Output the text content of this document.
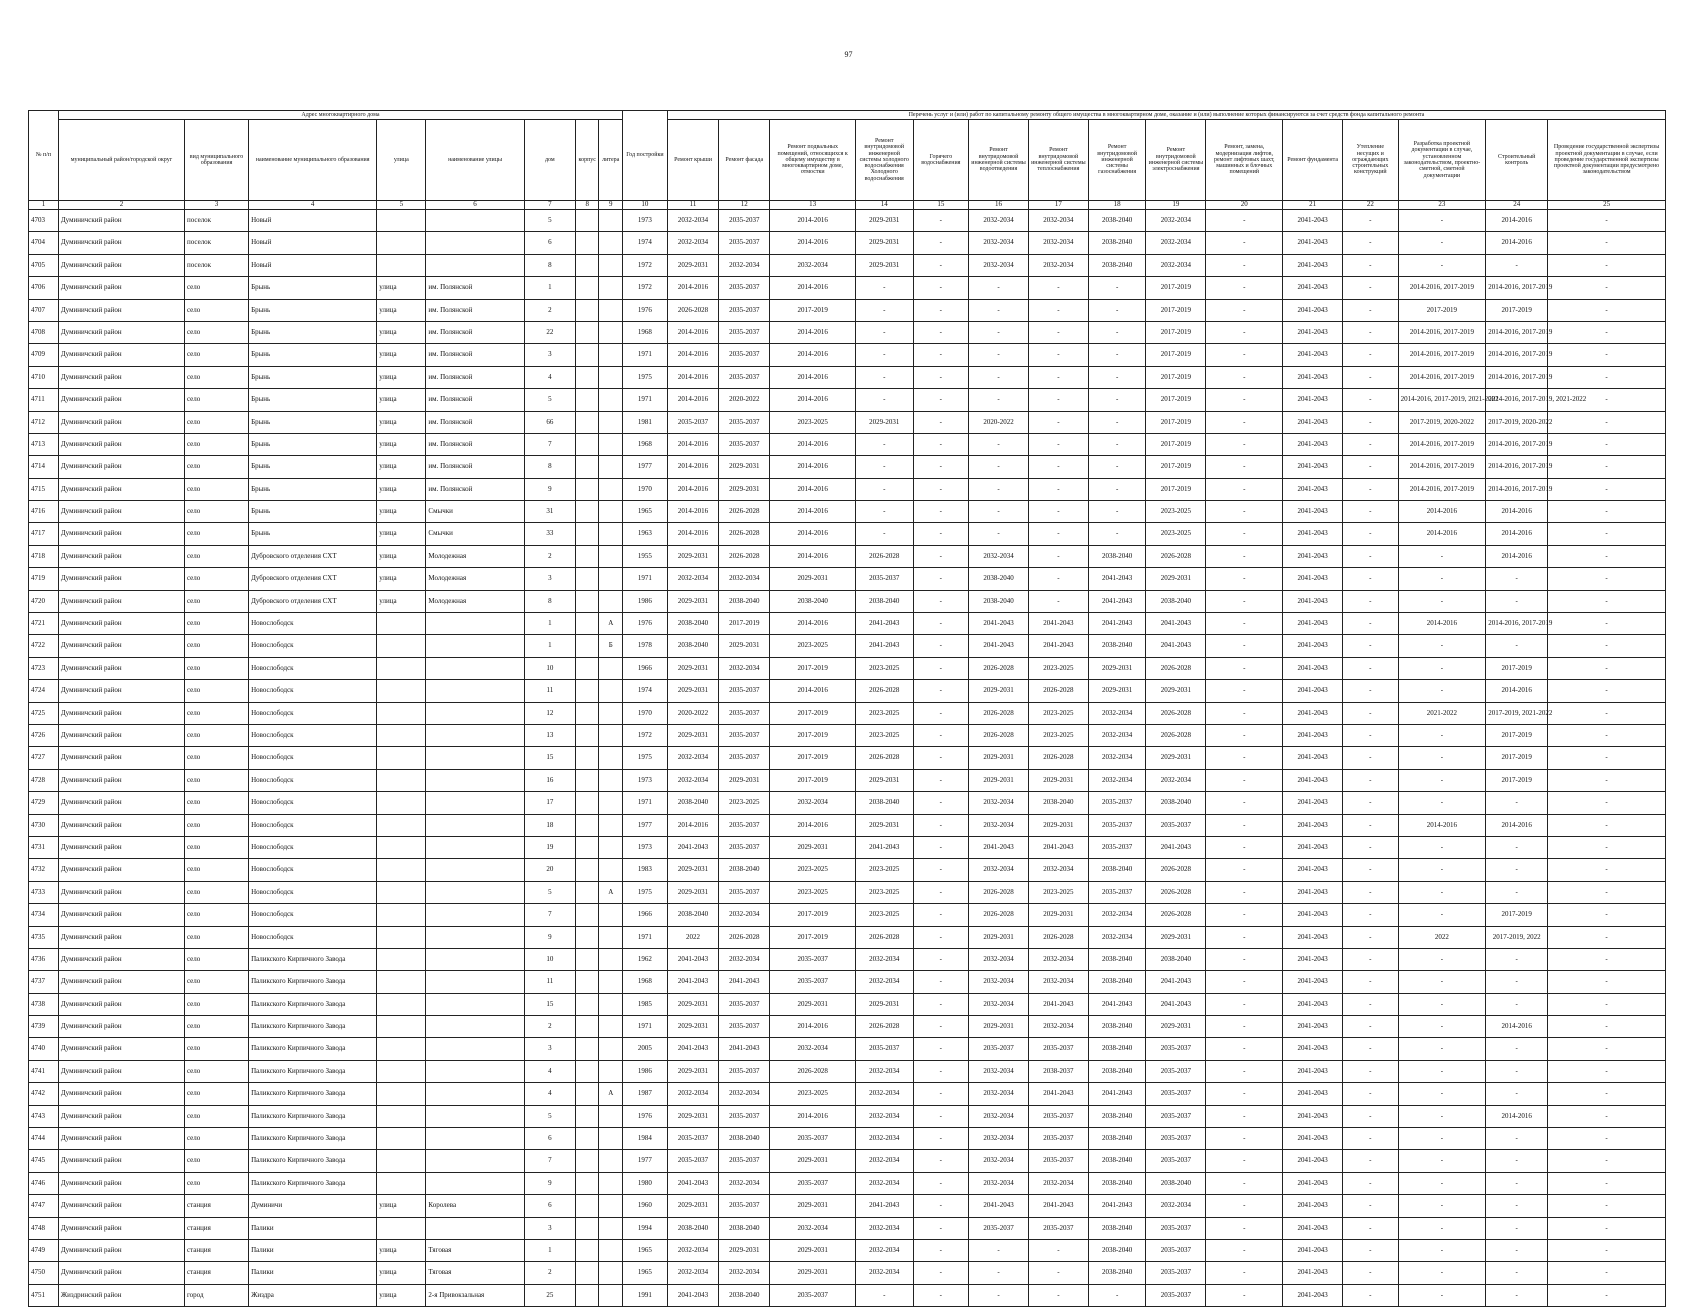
97
№ п/п	Адрес многоквартирного дома								Год постройки	Перечень услуг и (или) работ по капитальному ремонту общего имущества в многоквартирном доме, оказание и (или) выполнение которых финансируются за счет средств фонда капитального ремонта														
	муниципальный район/городской округ	вид муниципального образования	наименование муниципального образования	улица	наименование улицы	дом	корпус	литера		Ремонт крыши	Ремонт фасада	Ремонт подвальных помещений, относящихся к общему имуществу в многоквартирном доме, отмостки	Ремонт внутридомовой инженерной системы холодного водоснабжения
Холодного водоснабжения	Горячего водоснабжения	Ремонт внутридомовой инженерной системы водоотведения	Ремонт внутридомовой инженерной системы теплоснабжения	Ремонт внутридомовой инженерной системы газоснабжения	Ремонт внутридомовой инженерной системы электроснабжения	Ремонт, замена, модернизация лифтов, ремонт лифтовых шахт, машинных и блочных помещений	Ремонт фундамента	Утепление несущих и ограждающих строительных конструкций	Разработка проектной документации в случае, установленном законодательством, проектно-сметной, сметной документации	Строительный контроль	Проведение государственной экспертизы проектной документации в случае, если проведение государственной экспертизы проектной документации предусмотрено законодательством
1	2	3	4	5	6	7	8	9	10	11	12	13	14	15	16	17	18	19	20	21	22	23	24	25
4703	Думиничский район	поселок	Новый			5			1973	2032-2034	2035-2037	2014-2016	2029-2031	-	2032-2034	2032-2034	2038-2040	2032-2034	-	2041-2043	-	-	2014-2016	-
4704	Думиничский район	поселок	Новый			6			1974	2032-2034	2035-2037	2014-2016	2029-2031	-	2032-2034	2032-2034	2038-2040	2032-2034	-	2041-2043	-	-	2014-2016	-
4705	Думиничский район	поселок	Новый			8			1972	2029-2031	2032-2034	2032-2034	2029-2031	-	2032-2034	2032-2034	2038-2040	2032-2034	-	2041-2043	-	-	-	-
4706	Думиничский район	село	Брынь	улица	им. Полянской	1			1972	2014-2016	2035-2037	2014-2016	-	-	-	-	-	2017-2019	-	2041-2043	-	2014-2016, 2017-2019	2014-2016, 2017-2019	-
4707	Думиничский район	село	Брынь	улица	им. Полянской	2			1976	2026-2028	2035-2037	2017-2019	-	-	-	-	-	2017-2019	-	2041-2043	-	2017-2019	2017-2019	-
4708	Думиничский район	село	Брынь	улица	им. Полянской	22			1968	2014-2016	2035-2037	2014-2016	-	-	-	-	-	2017-2019	-	2041-2043	-	2014-2016, 2017-2019	2014-2016, 2017-2019	-
4709	Думиничский район	село	Брынь	улица	им. Полянской	3			1971	2014-2016	2035-2037	2014-2016	-	-	-	-	-	2017-2019	-	2041-2043	-	2014-2016, 2017-2019	2014-2016, 2017-2019	-
4710	Думиничский район	село	Брынь	улица	им. Полянской	4			1975	2014-2016	2035-2037	2014-2016	-	-	-	-	-	2017-2019	-	2041-2043	-	2014-2016, 2017-2019	2014-2016, 2017-2019	-
4711	Думиничский район	село	Брынь	улица	им. Полянской	5			1971	2014-2016	2020-2022	2014-2016	-	-	-	-	-	2017-2019	-	2041-2043	-	2014-2016, 2017-2019, 2021-2022	2014-2016, 2017-2019, 2021-2022	-
4712	Думиничский район	село	Брынь	улица	им. Полянской	66			1981	2035-2037	2035-2037	2023-2025	2029-2031	-	2020-2022	-	-	2017-2019	-	2041-2043	-	2017-2019, 2020-2022	2017-2019, 2020-2022	-
4713	Думиничский район	село	Брынь	улица	им. Полянской	7			1968	2014-2016	2035-2037	2014-2016	-	-	-	-	-	2017-2019	-	2041-2043	-	2014-2016, 2017-2019	2014-2016, 2017-2019	-
4714	Думиничский район	село	Брынь	улица	им. Полянской	8			1977	2014-2016	2029-2031	2014-2016	-	-	-	-	-	2017-2019	-	2041-2043	-	2014-2016, 2017-2019	2014-2016, 2017-2019	-
4715	Думиничский район	село	Брынь	улица	им. Полянской	9			1970	2014-2016	2029-2031	2014-2016	-	-	-	-	-	2017-2019	-	2041-2043	-	2014-2016, 2017-2019	2014-2016, 2017-2019	-
4716	Думиничский район	село	Брынь	улица	Смычки	31			1965	2014-2016	2026-2028	2014-2016	-	-	-	-	-	2023-2025	-	2041-2043	-	2014-2016	2014-2016	-
4717	Думиничский район	село	Брынь	улица	Смычки	33			1963	2014-2016	2026-2028	2014-2016	-	-	-	-	-	2023-2025	-	2041-2043	-	2014-2016	2014-2016	-
4718	Думиничский район	село	Дубровского отделения СХТ	улица	Молодежная	2			1955	2029-2031	2026-2028	2014-2016	2026-2028	-	2032-2034	-	2038-2040	2026-2028	-	2041-2043	-	-	2014-2016	-
4719	Думиничский район	село	Дубровского отделения СХТ	улица	Молодежная	3			1971	2032-2034	2032-2034	2029-2031	2035-2037	-	2038-2040	-	2041-2043	2029-2031	-	2041-2043	-	-	-	-
4720	Думиничский район	село	Дубровского отделения СХТ	улица	Молодежная	8			1986	2029-2031	2038-2040	2038-2040	2038-2040	-	2038-2040	-	2041-2043	2038-2040	-	2041-2043	-	-	-	-
4721	Думиничский район	село	Новослободск			1		А	1976	2038-2040	2017-2019	2014-2016	2041-2043	-	2041-2043	2041-2043	2041-2043	2041-2043	-	2041-2043	-	2014-2016	2014-2016, 2017-2019	-
4722	Думиничский район	село	Новослободск			1		Б	1978	2038-2040	2029-2031	2023-2025	2041-2043	-	2041-2043	2041-2043	2038-2040	2041-2043	-	2041-2043	-	-	-	-
4723	Думиничский район	село	Новослободск			10			1966	2029-2031	2032-2034	2017-2019	2023-2025	-	2026-2028	2023-2025	2029-2031	2026-2028	-	2041-2043	-	-	2017-2019	-
4724	Думиничский район	село	Новослободск			11			1974	2029-2031	2035-2037	2014-2016	2026-2028	-	2029-2031	2026-2028	2029-2031	2029-2031	-	2041-2043	-	-	2014-2016	-
4725	Думиничский район	село	Новослободск			12			1970	2020-2022	2035-2037	2017-2019	2023-2025	-	2026-2028	2023-2025	2032-2034	2026-2028	-	2041-2043	-	2021-2022	2017-2019, 2021-2022	-
4726	Думиничский район	село	Новослободск			13			1972	2029-2031	2035-2037	2017-2019	2023-2025	-	2026-2028	2023-2025	2032-2034	2026-2028	-	2041-2043	-	-	2017-2019	-
4727	Думиничский район	село	Новослободск			15			1975	2032-2034	2035-2037	2017-2019	2026-2028	-	2029-2031	2026-2028	2032-2034	2029-2031	-	2041-2043	-	-	2017-2019	-
4728	Думиничский район	село	Новослободск			16			1973	2032-2034	2029-2031	2017-2019	2029-2031	-	2029-2031	2029-2031	2032-2034	2032-2034	-	2041-2043	-	-	2017-2019	-
4729	Думиничский район	село	Новослободск			17			1971	2038-2040	2023-2025	2032-2034	2038-2040	-	2032-2034	2038-2040	2035-2037	2038-2040	-	2041-2043	-	-	-	-
4730	Думиничский район	село	Новослободск			18			1977	2014-2016	2035-2037	2014-2016	2029-2031	-	2032-2034	2029-2031	2035-2037	2035-2037	-	2041-2043	-	2014-2016	2014-2016	-
4731	Думиничский район	село	Новослободск			19			1973	2041-2043	2035-2037	2029-2031	2041-2043	-	2041-2043	2041-2043	2035-2037	2041-2043	-	2041-2043	-	-	-	-
4732	Думиничский район	село	Новослободск			20			1983	2029-2031	2038-2040	2023-2025	2023-2025	-	2032-2034	2032-2034	2038-2040	2026-2028	-	2041-2043	-	-	-	-
4733	Думиничский район	село	Новослободск			5		А	1975	2029-2031	2035-2037	2023-2025	2023-2025	-	2026-2028	2023-2025	2035-2037	2026-2028	-	2041-2043	-	-	-	-
4734	Думиничский район	село	Новослободск			7			1966	2038-2040	2032-2034	2017-2019	2023-2025	-	2026-2028	2029-2031	2032-2034	2026-2028	-	2041-2043	-	-	2017-2019	-
4735	Думиничский район	село	Новослободск			9			1971	2022	2026-2028	2017-2019	2026-2028	-	2029-2031	2026-2028	2032-2034	2029-2031	-	2041-2043	-	2022	2017-2019, 2022	-
4736	Думиничский район	село	Паликского Кирпичного Завода			10			1962	2041-2043	2032-2034	2035-2037	2032-2034	-	2032-2034	2032-2034	2038-2040	2038-2040	-	2041-2043	-	-	-	-
4737	Думиничский район	село	Паликского Кирпичного Завода			11			1968	2041-2043	2041-2043	2035-2037	2032-2034	-	2032-2034	2032-2034	2038-2040	2041-2043	-	2041-2043	-	-	-	-
4738	Думиничский район	село	Паликского Кирпичного Завода			15			1985	2029-2031	2035-2037	2029-2031	2029-2031	-	2032-2034	2041-2043	2041-2043	2041-2043	-	2041-2043	-	-	-	-
4739	Думиничский район	село	Паликского Кирпичного Завода			2			1971	2029-2031	2035-2037	2014-2016	2026-2028	-	2029-2031	2032-2034	2038-2040	2029-2031	-	2041-2043	-	-	2014-2016	-
4740	Думиничский район	село	Паликского Кирпичного Завода			3			2005	2041-2043	2041-2043	2032-2034	2035-2037	-	2035-2037	2035-2037	2038-2040	2035-2037	-	2041-2043	-	-	-	-
4741	Думиничский район	село	Паликского Кирпичного Завода			4			1986	2029-2031	2035-2037	2026-2028	2032-2034	-	2032-2034	2038-2037	2038-2040	2035-2037	-	2041-2043	-	-	-	-
4742	Думиничский район	село	Паликского Кирпичного Завода			4		А	1987	2032-2034	2032-2034	2023-2025	2032-2034	-	2032-2034	2041-2043	2041-2043	2035-2037	-	2041-2043	-	-	-	-
4743	Думиничский район	село	Паликского Кирпичного Завода			5			1976	2029-2031	2035-2037	2014-2016	2032-2034	-	2032-2034	2035-2037	2038-2040	2035-2037	-	2041-2043	-	-	2014-2016	-
4744	Думиничский район	село	Паликского Кирпичного Завода			6			1984	2035-2037	2038-2040	2035-2037	2032-2034	-	2032-2034	2035-2037	2038-2040	2035-2037	-	2041-2043	-	-	-	-
4745	Думиничский район	село	Паликского Кирпичного Завода			7			1977	2035-2037	2035-2037	2029-2031	2032-2034	-	2032-2034	2035-2037	2038-2040	2035-2037	-	2041-2043	-	-	-	-
4746	Думиничский район	село	Паликского Кирпичного Завода			9			1980	2041-2043	2032-2034	2035-2037	2032-2034	-	2032-2034	2032-2034	2038-2040	2038-2040	-	2041-2043	-	-	-	-
4747	Думиничский район	станция	Думиничи	улица	Королева	6			1960	2029-2031	2035-2037	2029-2031	2041-2043	-	2041-2043	2041-2043	2041-2043	2032-2034	-	2041-2043	-	-	-	-
4748	Думиничский район	станция	Палики			3			1994	2038-2040	2038-2040	2032-2034	2032-2034	-	2035-2037	2035-2037	2038-2040	2035-2037	-	2041-2043	-	-	-	-
4749	Думиничский район	станция	Палики	улица	Тяговая	1			1965	2032-2034	2029-2031	2029-2031	2032-2034	-	-	-	2038-2040	2035-2037	-	2041-2043	-	-	-	-
4750	Думиничский район	станция	Палики	улица	Тяговая	2			1965	2032-2034	2032-2034	2029-2031	2032-2034	-	-	-	2038-2040	2035-2037	-	2041-2043	-	-	-	-
4751	Жиздринский район	город	Жиздра	улица	2-я Привокзальная	25			1991	2041-2043	2038-2040	2035-2037	-	-	-	-	-	2035-2037	-	2041-2043	-	-	-	-
